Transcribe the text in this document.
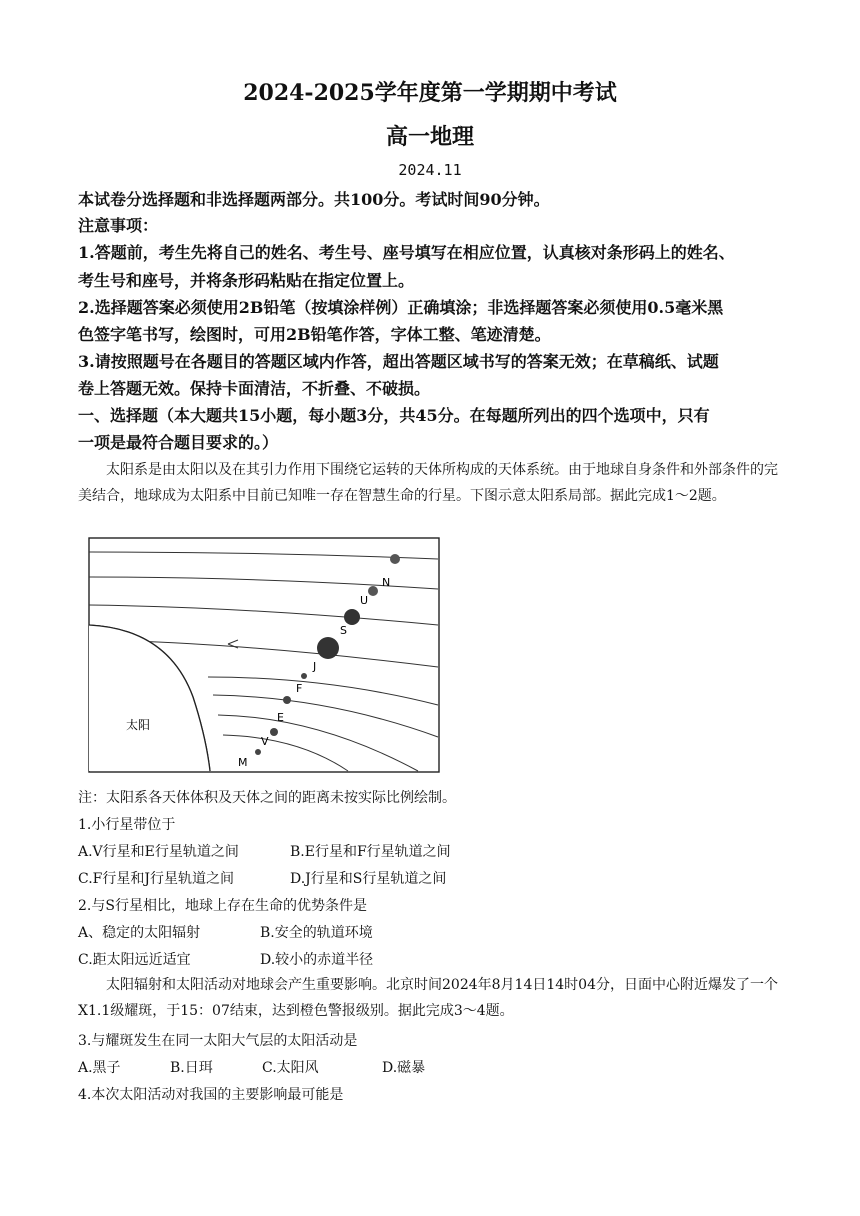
2024-2025学年度第一学期期中考试
高一地理
2024.11
本试卷分选择题和非选择题两部分。共100分。考试时间90分钟。
注意事项：
1.答题前，考生先将自己的姓名、考生号、座号填写在相应位置，认真核对条形码上的姓名、
考生号和座号，并将条形码粘贴在指定位置上。
2.选择题答案必须使用2B铅笔（按填涂样例）正确填涂；非选择题答案必须使用0.5毫米黑
色签字笔书写，绘图时，可用2B铅笔作答，字体工整、笔迹清楚。
3.请按照题号在各题目的答题区域内作答，超出答题区域书写的答案无效；在草稿纸、试题
卷上答题无效。保持卡面清洁，不折叠、不破损。
一、选择题（本大题共15小题，每小题3分，共45分。在每题所列出的四个选项中，只有
一项是最符合题目要求的。）
太阳系是由太阳以及在其引力作用下围绕它运转的天体所构成的天体系统。由于地球自身条件和外部条件的完美结合，地球成为太阳系中目前已知唯一存在智慧生命的行星。下图示意太阳系局部。据此完成1～2题。
太阳
N
U
S
J
F
E
V
M
注：太阳系各天体体积及天体之间的距离未按实际比例绘制。
1.小行星带位于
A.V行星和E行星轨道之间	B.E行星和F行星轨道之间
C.F行星和J行星轨道之间	D.J行星和S行星轨道之间
2.与S行星相比，地球上存在生命的优势条件是
A、稳定的太阳辐射	B.安全的轨道环境
C.距太阳远近适宜	D.较小的赤道半径
太阳辐射和太阳活动对地球会产生重要影响。北京时间2024年8月14日14时04分，日面中心附近爆发了一个X1.1级耀斑，于15：07结束，达到橙色警报级别。据此完成3～4题。
3.与耀斑发生在同一太阳大气层的太阳活动是
A.黑子	B.日珥	C.太阳风	D.磁暴
4.本次太阳活动对我国的主要影响最可能是
